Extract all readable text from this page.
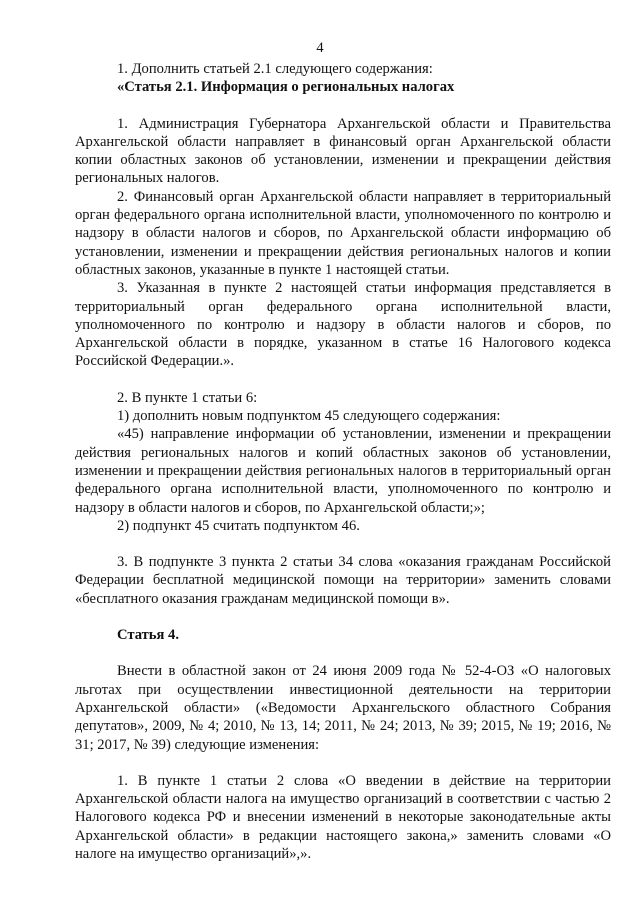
4

1. Дополнить статьей 2.1 следующего содержания:

«Статья 2.1. Информация о региональных налогах

1. Администрация Губернатора Архангельской области и Правительства Архангельской области направляет в финансовый орган Архангельской области копии областных законов об установлении, изменении и прекращении действия региональных налогов.

2. Финансовый орган Архангельской области направляет в территориальный орган федерального органа исполнительной власти, уполномоченного по контролю и надзору в области налогов и сборов, по Архангельской области информацию об установлении, изменении и прекращении действия региональных налогов и копии областных законов, указанные в пункте 1 настоящей статьи.

3. Указанная в пункте 2 настоящей статьи информация представляется в территориальный орган федерального органа исполнительной власти, уполномоченного по контролю и надзору в области налогов и сборов, по Архангельской области в порядке, указанном в статье 16 Налогового кодекса Российской Федерации.».

2. В пункте 1 статьи 6:

1) дополнить новым подпунктом 45 следующего содержания:

«45) направление информации об установлении, изменении и прекращении действия региональных налогов и копий областных законов об установлении, изменении и прекращении действия региональных налогов в территориальный орган федерального органа исполнительной власти, уполномоченного по контролю и надзору в области налогов и сборов, по Архангельской области;»;

2) подпункт 45 считать подпунктом 46.

3. В подпункте 3 пункта 2 статьи 34 слова «оказания гражданам Российской Федерации бесплатной медицинской помощи на территории» заменить словами «бесплатного оказания гражданам медицинской помощи в».

Статья 4.

Внести в областной закон от 24 июня 2009 года № 52-4-ОЗ «О налоговых льготах при осуществлении инвестиционной деятельности на территории Архангельской области» («Ведомости Архангельского областного Собрания депутатов», 2009, № 4; 2010, № 13, 14; 2011, № 24; 2013, № 39; 2015, № 19; 2016, № 31; 2017, № 39) следующие изменения:

1. В пункте 1 статьи 2 слова «О введении в действие на территории Архангельской области налога на имущество организаций в соответствии с частью 2 Налогового кодекса РФ и внесении изменений в некоторые законодательные акты Архангельской области» в редакции настоящего закона,» заменить словами «О налоге на имущество организаций»,».
